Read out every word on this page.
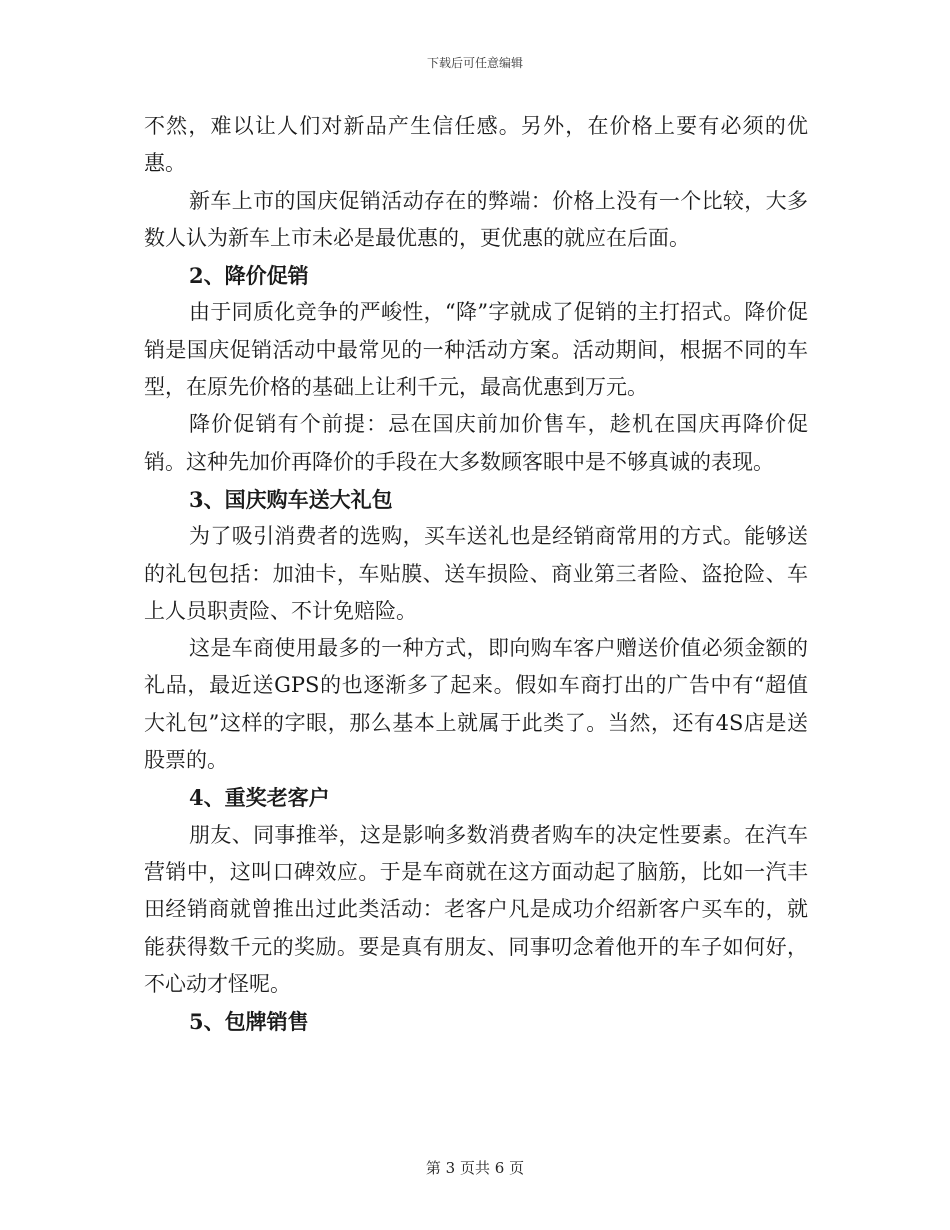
下载后可任意编辑

不然，难以让人们对新品产生信任感。另外，在价格上要有必须的优惠。

新车上市的国庆促销活动存在的弊端：价格上没有一个比较，大多数人认为新车上市未必是最优惠的，更优惠的就应在后面。

2、降价促销

由于同质化竞争的严峻性，“降”字就成了促销的主打招式。降价促销是国庆促销活动中最常见的一种活动方案。活动期间，根据不同的车型，在原先价格的基础上让利千元，最高优惠到万元。

降价促销有个前提：忌在国庆前加价售车，趁机在国庆再降价促销。这种先加价再降价的手段在大多数顾客眼中是不够真诚的表现。

3、国庆购车送大礼包

为了吸引消费者的选购，买车送礼也是经销商常用的方式。能够送的礼包包括：加油卡，车贴膜、送车损险、商业第三者险、盗抢险、车上人员职责险、不计免赔险。

这是车商使用最多的一种方式，即向购车客户赠送价值必须金额的礼品，最近送GPS的也逐渐多了起来。假如车商打出的广告中有“超值大礼包”这样的字眼，那么基本上就属于此类了。当然，还有4S店是送股票的。

4、重奖老客户

朋友、同事推举，这是影响多数消费者购车的决定性要素。在汽车营销中，这叫口碑效应。于是车商就在这方面动起了脑筋，比如一汽丰田经销商就曾推出过此类活动：老客户凡是成功介绍新客户买车的，就能获得数千元的奖励。要是真有朋友、同事叨念着他开的车子如何好，不心动才怪呢。

5、包牌销售

第 3 页共 6 页
